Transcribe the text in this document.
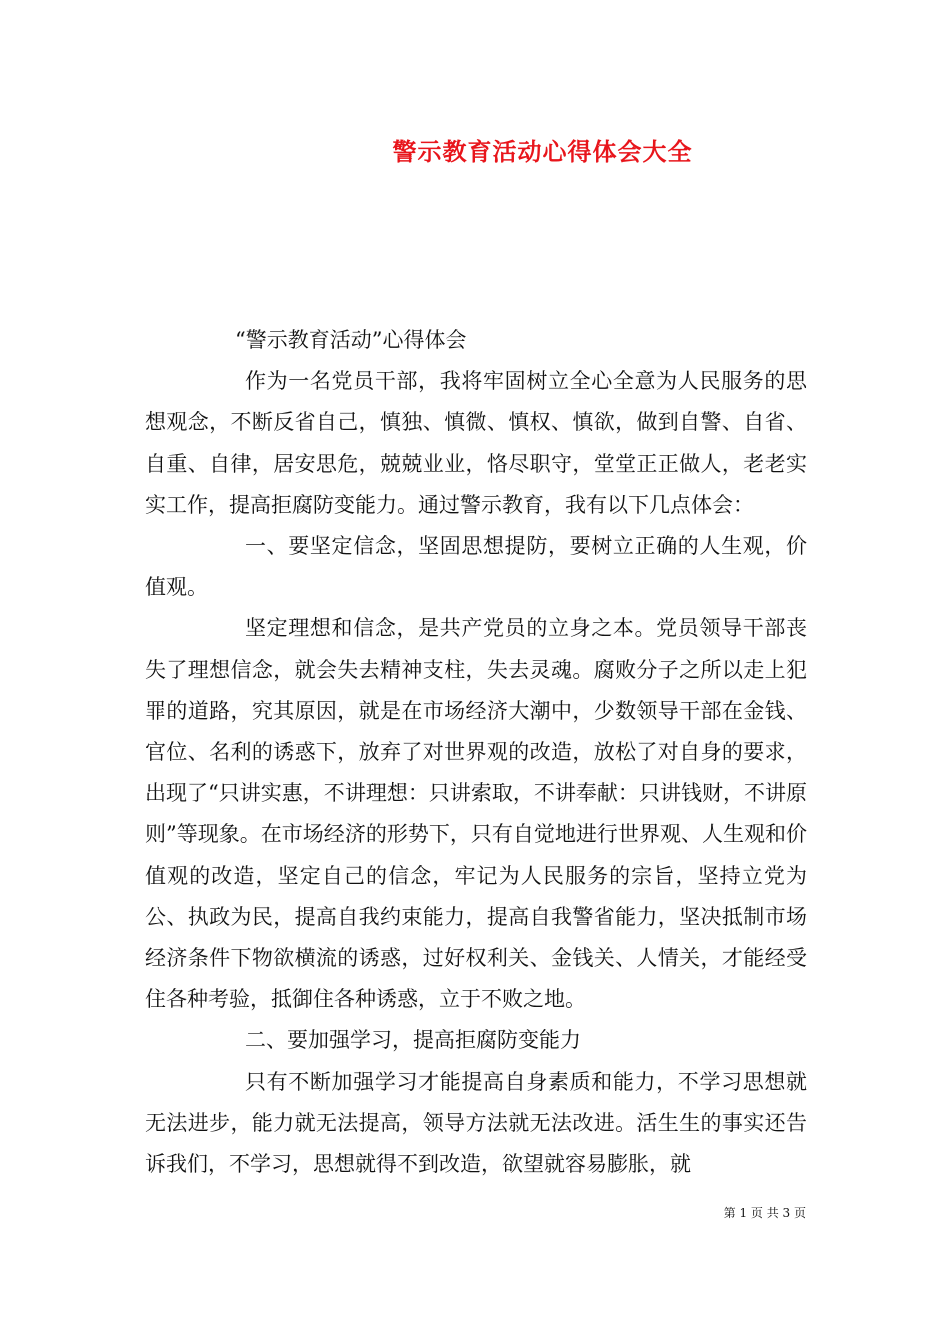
警示教育活动心得体会大全

“警示教育活动”心得体会

作为一名党员干部，我将牢固树立全心全意为人民服务的思想观念，不断反省自己，慎独、慎微、慎权、慎欲，做到自警、自省、自重、自律，居安思危，兢兢业业，恪尽职守，堂堂正正做人，老老实实工作，提高拒腐防变能力。通过警示教育，我有以下几点体会：

一、要坚定信念，坚固思想提防，要树立正确的人生观，价值观。

坚定理想和信念，是共产党员的立身之本。党员领导干部丧失了理想信念，就会失去精神支柱，失去灵魂。腐败分子之所以走上犯罪的道路，究其原因，就是在市场经济大潮中，少数领导干部在金钱、官位、名利的诱惑下，放弃了对世界观的改造，放松了对自身的要求，出现了“只讲实惠，不讲理想：只讲索取，不讲奉献：只讲钱财，不讲原则”等现象。在市场经济的形势下，只有自觉地进行世界观、人生观和价值观的改造，坚定自己的信念，牢记为人民服务的宗旨，坚持立党为公、执政为民，提高自我约束能力，提高自我警省能力，坚决抵制市场经济条件下物欲横流的诱惑，过好权利关、金钱关、人情关，才能经受住各种考验，抵御住各种诱惑，立于不败之地。

二、要加强学习，提高拒腐防变能力

只有不断加强学习才能提高自身素质和能力，不学习思想就无法进步，能力就无法提高，领导方法就无法改进。活生生的事实还告诉我们，不学习，思想就得不到改造，欲望就容易膨胀，就

第 1 页 共 3 页
